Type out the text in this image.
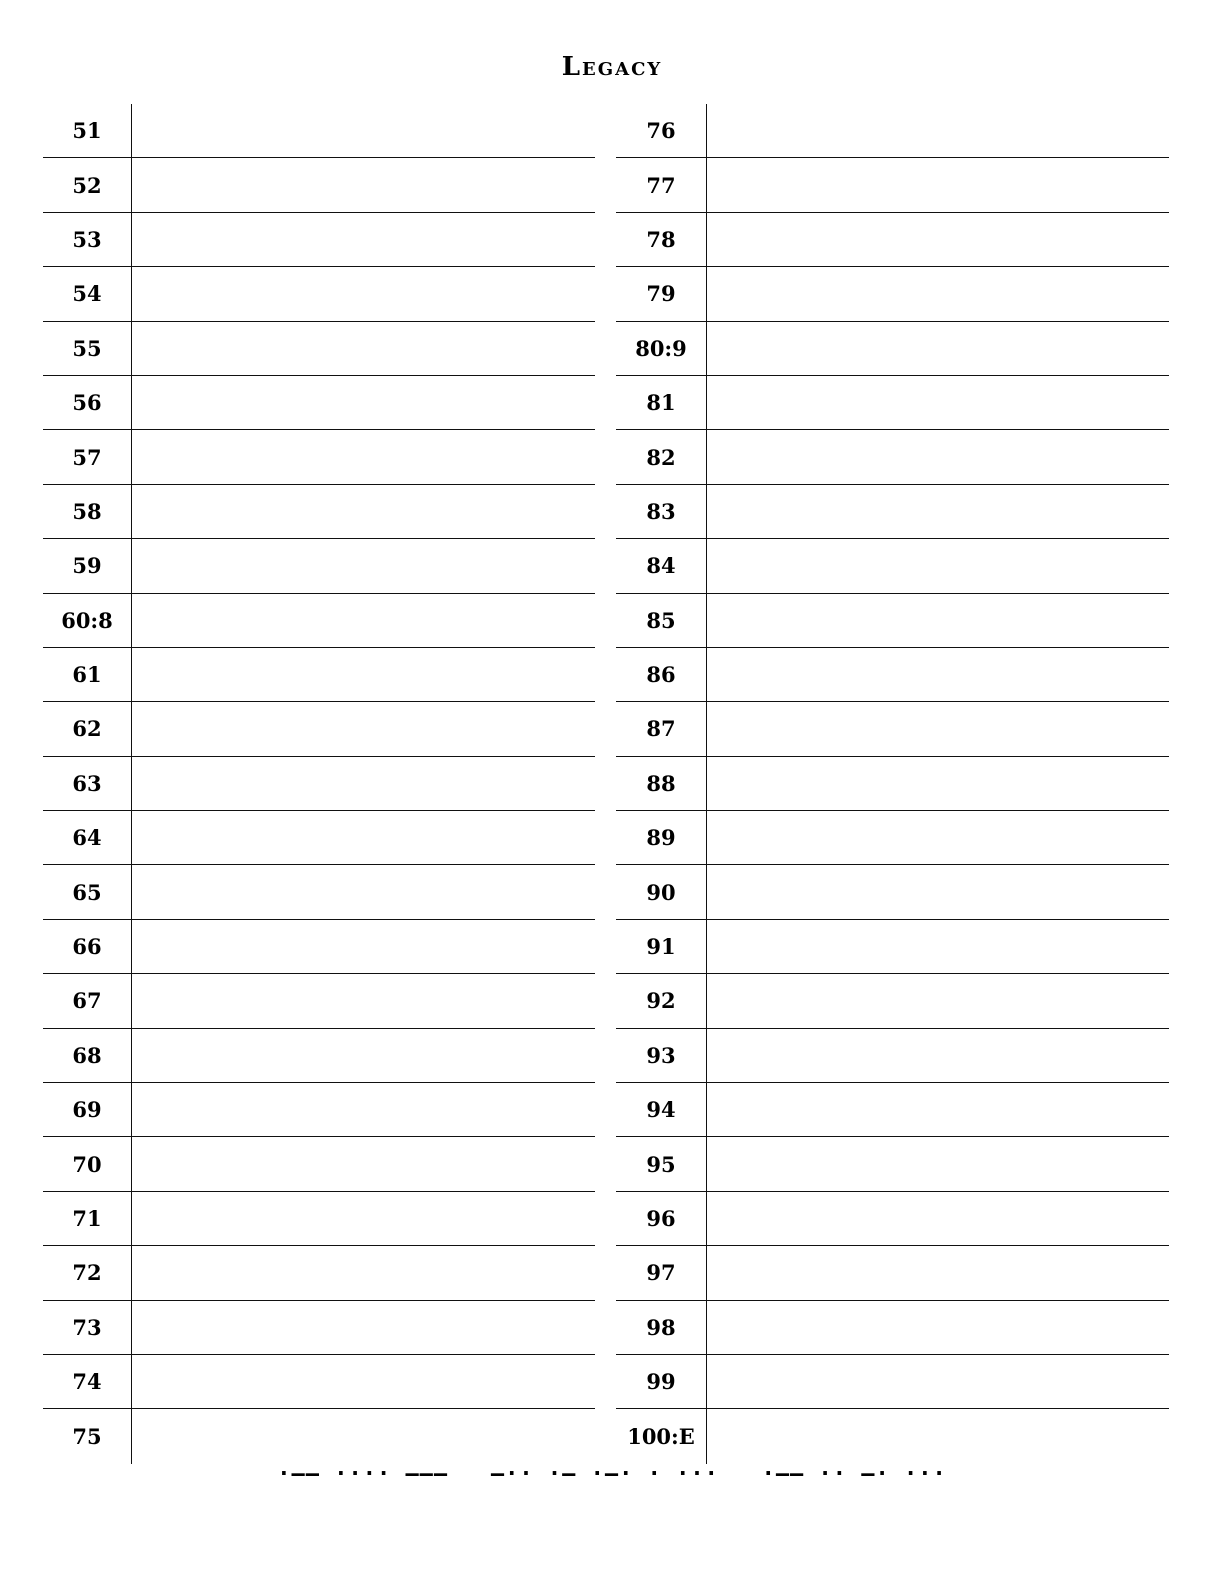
Legacy
51
52
53
54
55
56
57
58
59
60:8
61
62
63
64
65
66
67
68
69
70
71
72
73
74
75
76
77
78
79
80:9
81
82
83
84
85
86
87
88
89
90
91
92
93
94
95
96
97
98
99
100:E
·–– ···· –––   –·· ·– ·–· · ···   ·–– ·· –· ···
